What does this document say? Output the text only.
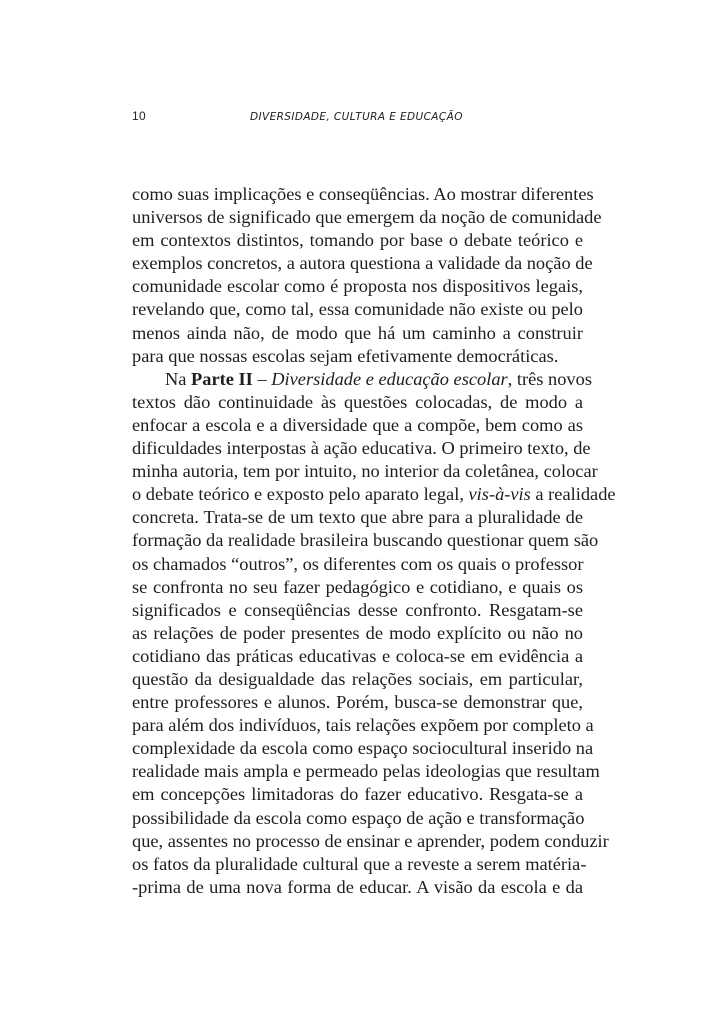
10	DIVERSIDADE, CULTURA E EDUCAÇÃO
como suas implicações e conseqüências. Ao mostrar diferentes
universos de significado que emergem da noção de comunidade
em contextos distintos, tomando por base o debate teórico e
exemplos concretos, a autora questiona a validade da noção de
comunidade escolar como é proposta nos dispositivos legais,
revelando que, como tal, essa comunidade não existe ou pelo
menos ainda não, de modo que há um caminho a construir
para que nossas escolas sejam efetivamente democráticas.
Na Parte II – Diversidade e educação escolar, três novos
textos dão continuidade às questões colocadas, de modo a
enfocar a escola e a diversidade que a compõe, bem como as
dificuldades interpostas à ação educativa. O primeiro texto, de
minha autoria, tem por intuito, no interior da coletânea, colocar
o debate teórico e exposto pelo aparato legal, vis-à-vis a realidade
concreta. Trata-se de um texto que abre para a pluralidade de
formação da realidade brasileira buscando questionar quem são
os chamados “outros”, os diferentes com os quais o professor
se confronta no seu fazer pedagógico e cotidiano, e quais os
significados e conseqüências desse confronto. Resgatam-se
as relações de poder presentes de modo explícito ou não no
cotidiano das práticas educativas e coloca-se em evidência a
questão da desigualdade das relações sociais, em particular,
entre professores e alunos. Porém, busca-se demonstrar que,
para além dos indivíduos, tais relações expõem por completo a
complexidade da escola como espaço sociocultural inserido na
realidade mais ampla e permeado pelas ideologias que resultam
em concepções limitadoras do fazer educativo. Resgata-se a
possibilidade da escola como espaço de ação e transformação
que, assentes no processo de ensinar e aprender, podem conduzir
os fatos da pluralidade cultural que a reveste a serem matéria-
-prima de uma nova forma de educar. A visão da escola e da
